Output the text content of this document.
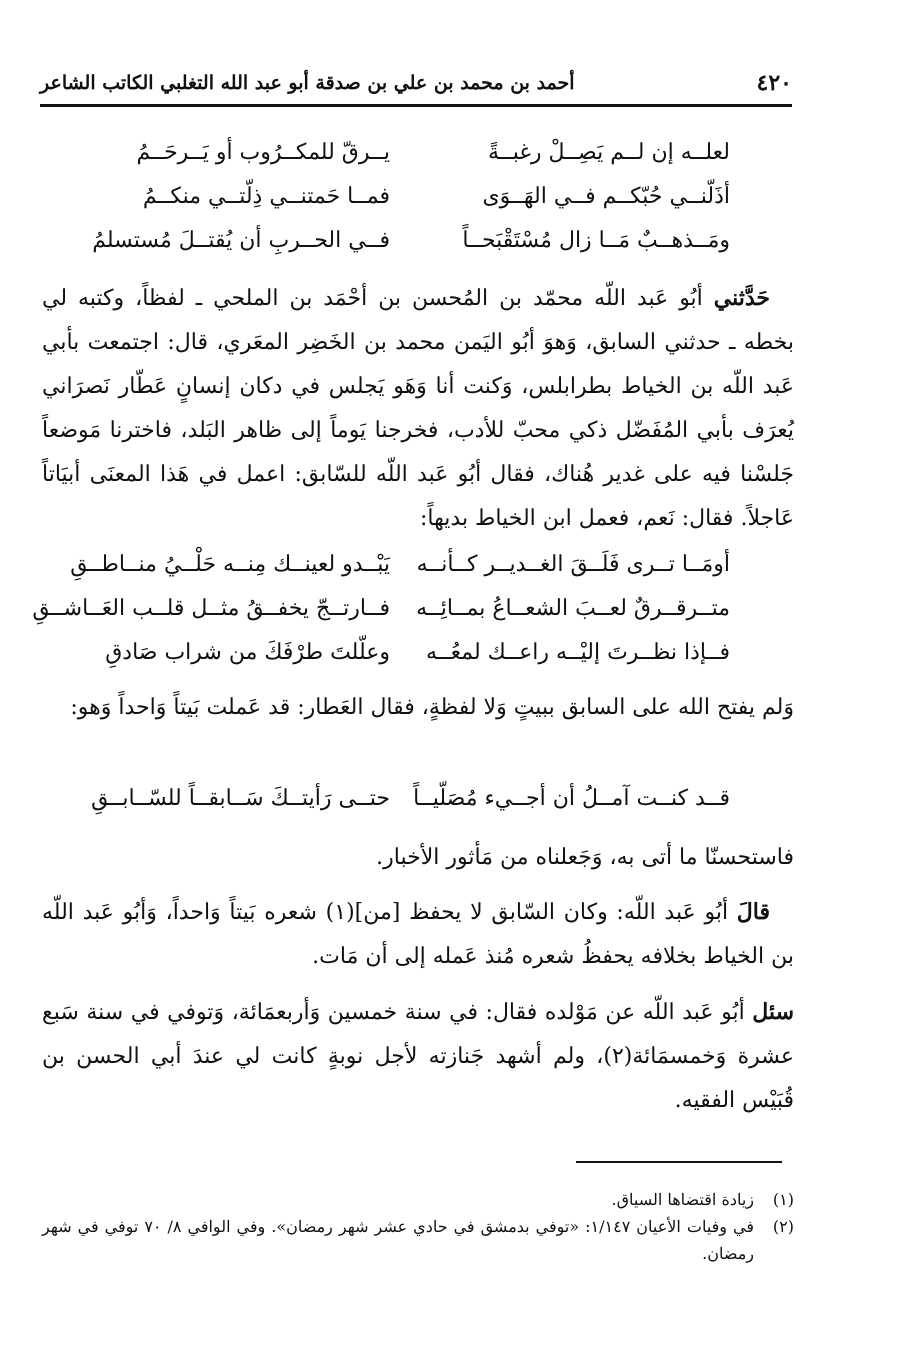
٤٢٠
أحمد بن محمد بن علي بن صدقة أبو عبد الله التغلبي الكاتب الشاعر
لعلــه إن لــم يَصِــلْ رغبــةً
يــرقّ للمكــرُوب أو يَــرحَــمُ
أذَلّنــي حُبّكــم فــي الهَــوَى
فمــا حَمتنــي ذِلّتــي منكــمُ
ومَــذهــبٌ مَــا زال مُسْتَقْبَحــاً
فــي الحــربِ أن يُقتــلَ مُستسلمُ
حَدَّثني أبُو عَبد اللّه محمّد بن المُحسن بن أحْمَد بن الملحي ـ لفظاً، وكتبه لي بخطه ـ حدثني السابق، وَهوَ أبُو اليَمن محمد بن الخَضِر المعَري، قال: اجتمعت بأبي عَبد اللّه بن الخياط بطرابلس، وَكنت أنا وَهَو يَجلس في دكان إنسانٍ عَطّار نَصرَاني يُعرَف بأبي المُفَضّل ذكي محبّ للأدب، فخرجنا يَوماً إلى ظاهر البَلد، فاخترنا مَوضعاً جَلسْنا فيه على غدير هُناك، فقال أبُو عَبد اللّه للسّابق: اعمل في هَذا المعنَى أبيَاتاً عَاجلاً. فقال: نَعم، فعمل ابن الخياط بديهاً:
أومَــا تــرى فَلَــقَ الغــديــر كــأنــه
يَبْــدو لعينــك مِنــه حَلْــيُ منــاطــقِ
متــرقــرقٌ لعــبَ الشعــاعُ بمــائِــه
فــارتــجّ يخفــقُ مثــل قلــب العَــاشــقِ
فــإذا نظــرتَ إليْــه راعــك لمعُــه
وعلّلتَ طرْفَكَ من شراب صَادقِ
وَلم يفتح الله على السابق ببيتٍ وَلا لفظةٍ، فقال العَطار: قد عَملت بَيتاً وَاحداً وَهو:
قــد كنــت آمــلُ أن أجــيء مُصَلّيــاً
حتــى رَأيتــكَ سَــابقــاً للسّــابــقِ
فاستحسنّا ما أتى به، وَجَعلناه من مَأثور الأخبار.
قالَ أبُو عَبد اللّه: وكان السّابق لا يحفظ [من](١) شعره بَيتاً وَاحداً، وَأبُو عَبد اللّه بن الخياط بخلافه يحفظُ شعره مُنذ عَمله إلى أن مَات.
سئل أبُو عَبد اللّه عن مَوْلده فقال: في سنة خمسين وَأربعمَائة، وَتوفي في سنة سَبع عشرة وَخمسمَائة(٢)، ولم أشهد جَنازته لأجل نوبةٍ كانت لي عندَ أبي الحسن بن قُبَيْس الفقيه.
(١)
زيادة اقتضاها السياق.
(٢)
في وفيات الأعيان ١/١٤٧: «توفي بدمشق في حادي عشر شهر رمضان». وفي الوافي ٨/ ٧٠ توفي في شهر رمضان.
